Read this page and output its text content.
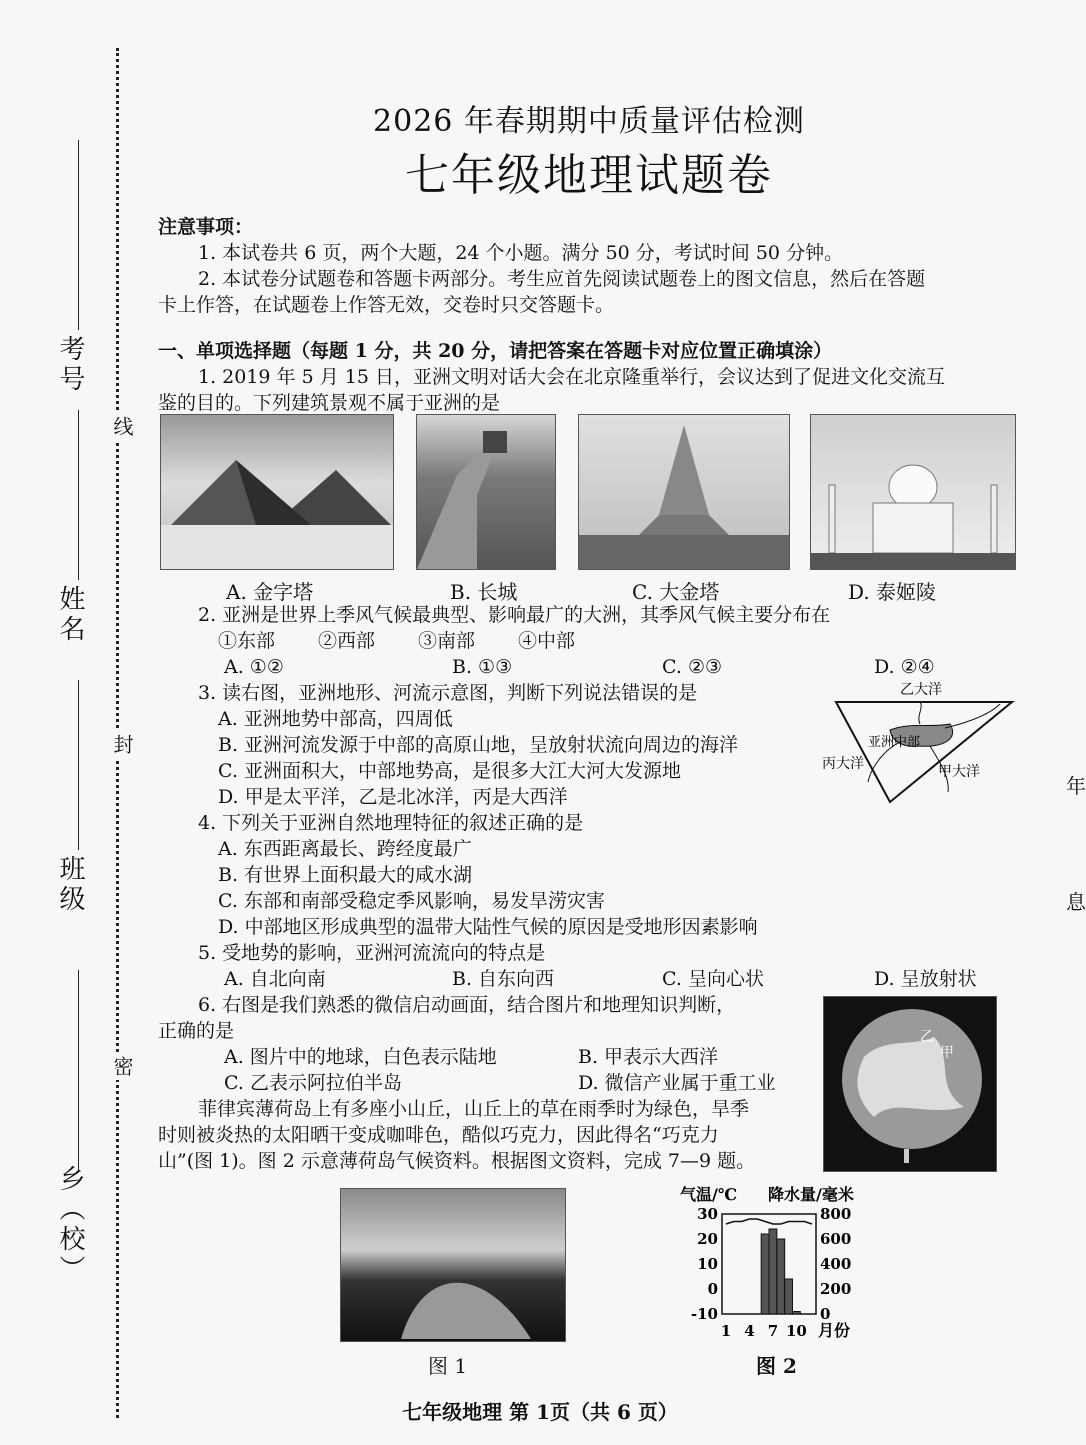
考号
姓名
班级
乡（校）
线
封
密
年
息
2026 年春期期中质量评估检测
七年级地理试题卷

注意事项：

1. 本试卷共 6 页，两个大题，24 个小题。满分 50 分，考试时间 50 分钟。

2. 本试卷分试题卷和答题卡两部分。考生应首先阅读试题卷上的图文信息，然后在答题

卡上作答，在试题卷上作答无效，交卷时只交答题卡。

一、单项选择题（每题 1 分，共 20 分，请把答案在答题卡对应位置正确填涂）

1. 2019 年 5 月 15 日，亚洲文明对话大会在北京隆重举行，会议达到了促进文化交流互

鉴的目的。下列建筑景观不属于亚洲的是

A. 金字塔	B. 长城	C. 大金塔	D. 泰姬陵

2. 亚洲是世界上季风气候最典型、影响最广的大洲，其季风气候主要分布在

①东部	②西部	③南部	④中部
A. ①②	B. ①③	C. ②③	D. ②④

3. 读右图，亚洲地形、河流示意图，判断下列说法错误的是

A. 亚洲地势中部高，四周低

B. 亚洲河流发源于中部的高原山地，呈放射状流向周边的海洋

C. 亚洲面积大，中部地势高，是很多大江大河大发源地

D. 甲是太平洋，乙是北冰洋，丙是大西洋

4. 下列关于亚洲自然地理特征的叙述正确的是

A. 东西距离最长、跨经度最广

B. 有世界上面积最大的咸水湖

C. 东部和南部受稳定季风影响，易发旱涝灾害

D. 中部地区形成典型的温带大陆性气候的原因是受地形因素影响

5. 受地势的影响，亚洲河流流向的特点是

A. 自北向南	B. 自东向西	C. 呈向心状	D. 呈放射状

6. 右图是我们熟悉的微信启动画面，结合图片和地理知识判断，

正确的是

A. 图片中的地球，白色表示陆地	B. 甲表示大西洋
C. 乙表示阿拉伯半岛	D. 微信产业属于重工业

菲律宾薄荷岛上有多座小山丘，山丘上的草在雨季时为绿色，旱季

时则被炎热的太阳晒干变成咖啡色，酷似巧克力，因此得名“巧克力

山”(图 1)。图 2 示意薄荷岛气候资料。根据图文资料，完成 7—9 题。

乙大洋
亚洲中部
丙大洋	甲大洋
乙
甲
图 1
气温/℃ 降水量/毫米
30
20
10
0
-10
800
600
400
200
0
1 4 7 10 月份
图 2
七年级地理 第 1页（共 6 页）
